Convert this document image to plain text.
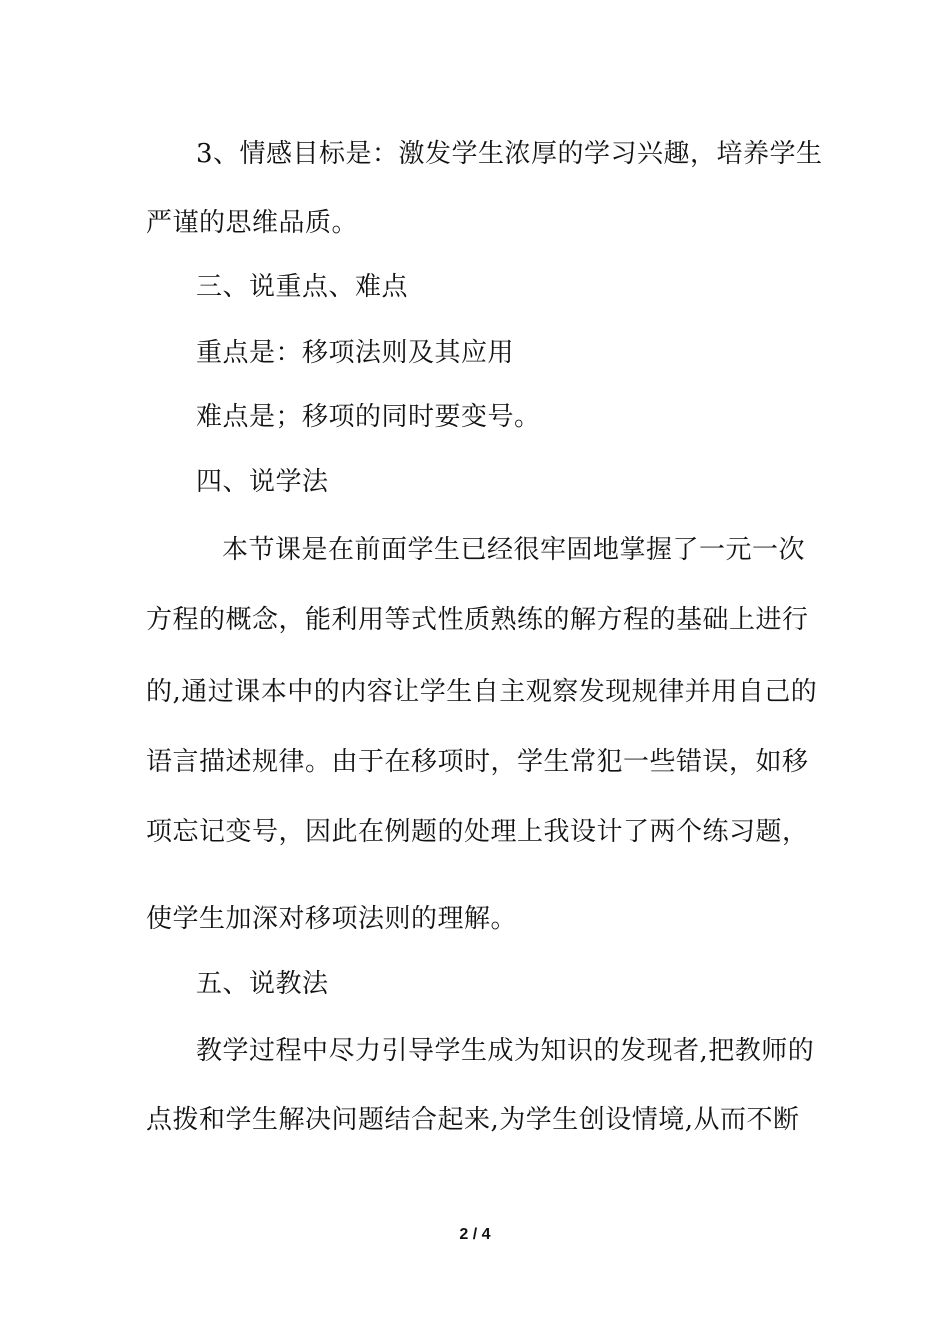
3、情感目标是：激发学生浓厚的学习兴趣，培养学生
严谨的思维品质。
三、说重点、难点
重点是：移项法则及其应用
难点是；移项的同时要变号。
四、说学法
本节课是在前面学生已经很牢固地掌握了一元一次
方程的概念，能利用等式性质熟练的解方程的基础上进行
的,通过课本中的内容让学生自主观察发现规律并用自己的
语言描述规律。由于在移项时，学生常犯一些错误，如移
项忘记变号，因此在例题的处理上我设计了两个练习题，
使学生加深对移项法则的理解。
五、说教法
教学过程中尽力引导学生成为知识的发现者,把教师的
点拨和学生解决问题结合起来,为学生创设情境,从而不断
2 / 4
